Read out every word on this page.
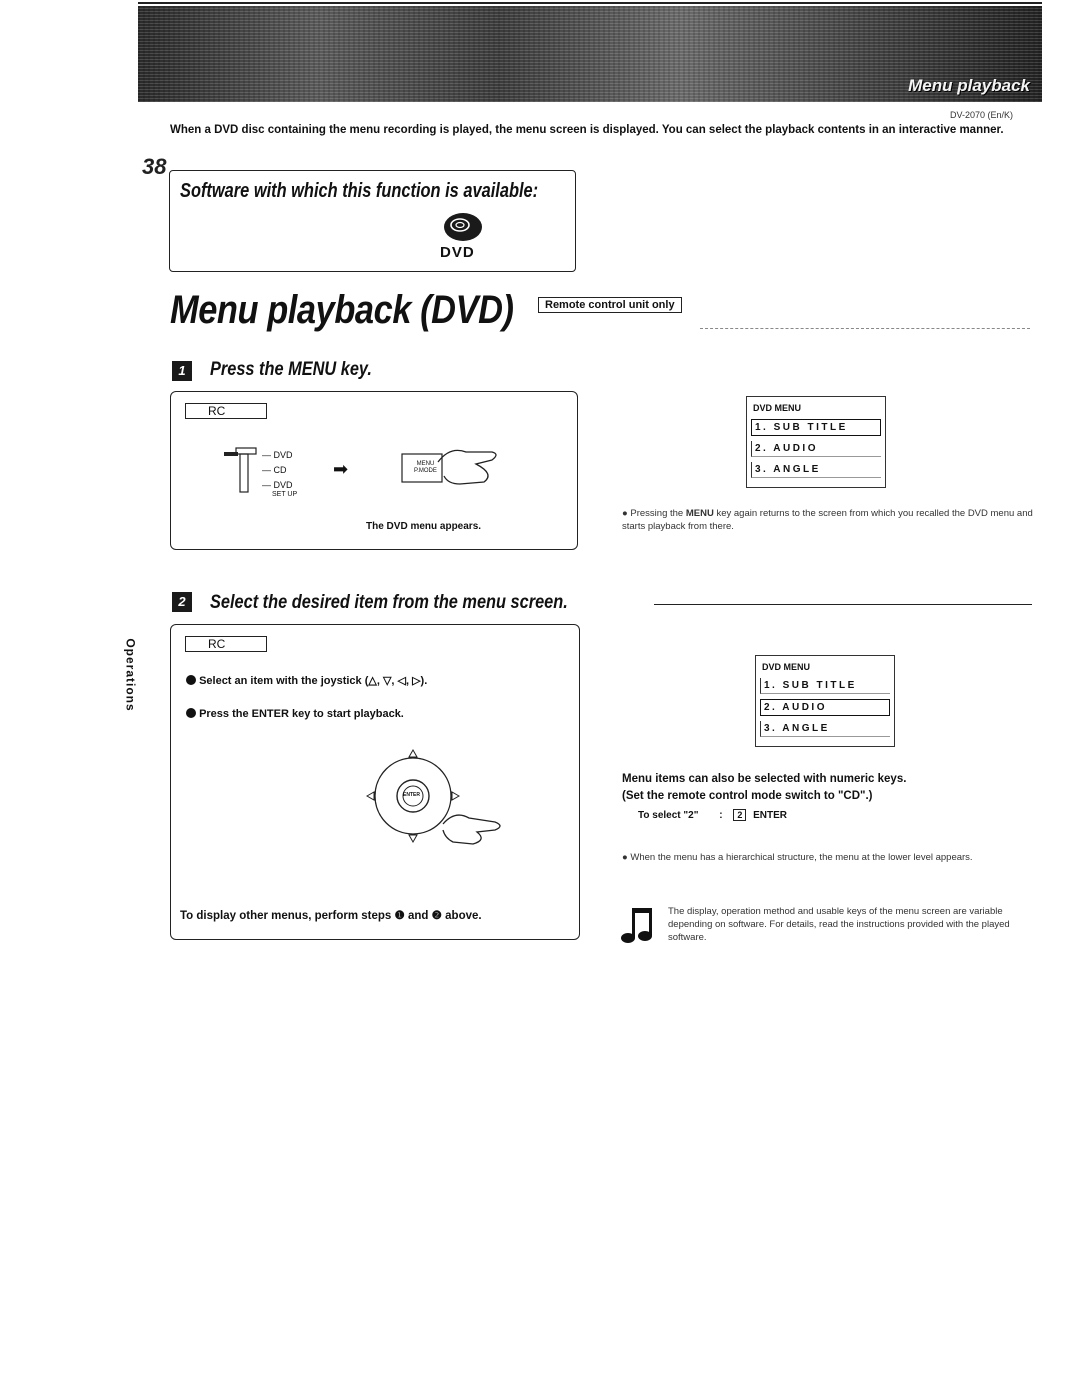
Menu playback
DV-2070 (En/K)
38
When a DVD disc containing the menu recording is played, the menu screen is displayed. You can select the playback contents in an interactive manner.
Software with which this function is available:
DVD
Menu playback (DVD)	Remote control unit only
1	Press the MENU key.
RC
— DVD
— CD
— DVD
SET UP
➡	MENU
P.MODE
The DVD menu appears.
DVD MENU
1. SUB TITLE
2. AUDIO
3. ANGLE
● Pressing the MENU key again returns to the screen from which you recalled the DVD menu and starts playback from there.
2	Select the desired item from the menu screen.
Operations	RC
Select an item with the joystick (△, ▽, ◁, ▷).
Press the ENTER key to start playback.
ENTER
To display other menus, perform steps ❶ and ❷ above.
DVD MENU
1. SUB TITLE
2. AUDIO
3. ANGLE
Menu items can also be selected with numeric keys.
(Set the remote control mode switch to "CD".)
To select "2" : 2 ENTER
● When the menu has a hierarchical structure, the menu at the lower level appears.
The display, operation method and usable keys of the menu screen are variable depending on software. For details, read the instructions provided with the played software.
